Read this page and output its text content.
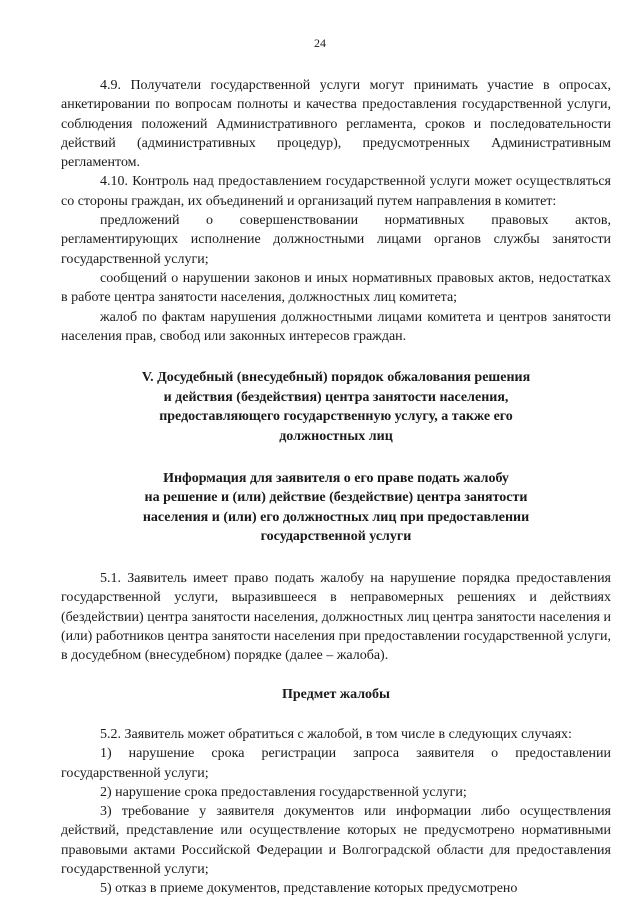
24

4.9. Получатели государственной услуги могут принимать участие в опросах, анкетировании по вопросам полноты и качества предоставления государственной услуги, соблюдения положений Административного регламента, сроков и последовательности действий (административных процедур), предусмотренных Административным регламентом.

4.10. Контроль над предоставлением государственной услуги может осуществляться со стороны граждан, их объединений и организаций путем направления в комитет:

предложений о совершенствовании нормативных правовых актов, регламентирующих исполнение должностными лицами органов службы занятости государственной услуги;

сообщений о нарушении законов и иных нормативных правовых актов, недостатках в работе центра занятости населения, должностных лиц комитета;

жалоб по фактам нарушения должностными лицами комитета и центров занятости населения прав, свобод или законных интересов граждан.

V. Досудебный (внесудебный) порядок обжалования решения
и действия (бездействия) центра занятости населения,
предоставляющего государственную услугу, а также его
должностных лиц
Информация для заявителя о его праве подать жалобу
на решение и (или) действие (бездействие) центра занятости
населения и (или) его должностных лиц при предоставлении
государственной услуги

5.1. Заявитель имеет право подать жалобу на нарушение порядка предоставления государственной услуги, выразившееся в неправомерных решениях и действиях (бездействии) центра занятости населения, должностных лиц центра занятости населения и (или) работников центра занятости населения при предоставлении государственной услуги, в досудебном (внесудебном) порядке (далее – жалоба).

Предмет жалобы

5.2. Заявитель может обратиться с жалобой, в том числе в следующих случаях:

1) нарушение срока регистрации запроса заявителя о предоставлении государственной услуги;

2) нарушение срока предоставления государственной услуги;

3) требование у заявителя документов или информации либо осуществления действий, представление или осуществление которых не предусмотрено нормативными правовыми актами Российской Федерации и Волгоградской области для предоставления государственной услуги;

5) отказ в приеме документов, представление которых предусмотрено
